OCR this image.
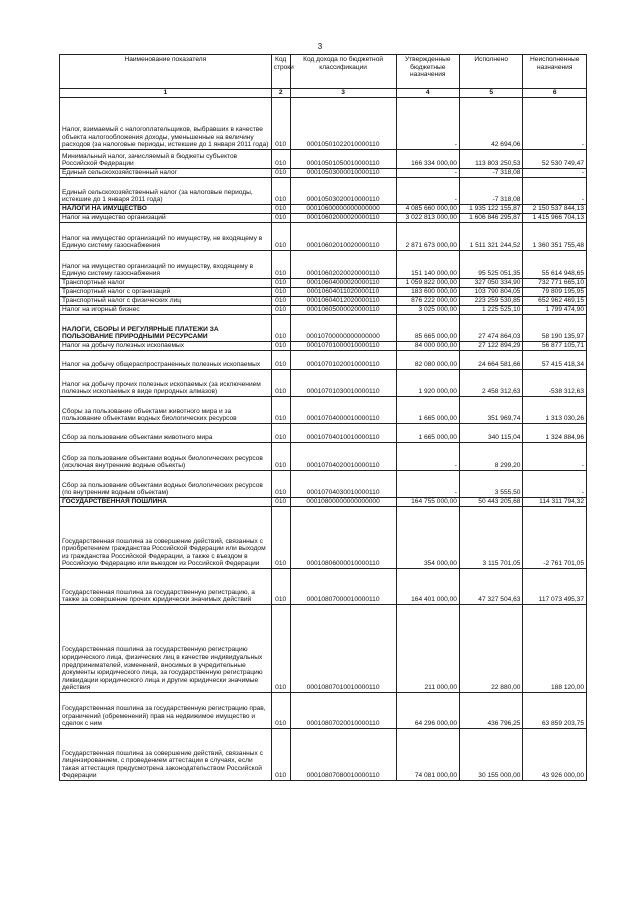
3
Наименование показателя	Код строки	Код дохода по бюджетной классификации	Утвержденные бюджетные назначения	Исполнено	Неисполненные назначения
1	2	3	4	5	6
Налог, взимаемый с налогоплательщиков, выбравших в качестве объекта налогообложения доходы, уменьшенные на величину расходов (за налоговые периоды, истекшие до 1 января 2011 года)	010	00010501022010000110	-	42 694,06	-
Минимальный налог, зачисляемый в бюджеты субъектов Российской Федерации	010	00010501050010000110	166 334 000,00	113 803 250,53	52 530 749,47
Единый сельскохозяйственный налог	010	00010503000010000110	-	-7 318,08	-
Единый сельскохозяйственный налог (за налоговые периоды, истекшие до 1 января 2011 года)	010	00010503020010000110	-	-7 318,08	-
НАЛОГИ НА ИМУЩЕСТВО	010	00010600000000000000	4 085 660 000,00	1 935 122 155,87	2 150 537 844,13
Налог на имущество организаций	010	00010602000020000110	3 022 813 000,00	1 606 846 295,87	1 415 966 704,13
Налог на имущество организаций по имуществу, не входящему в Единую систему газоснабжения	010	00010602010020000110	2 871 673 000,00	1 511 321 244,52	1 360 351 755,48
Налог на имущество организаций по имуществу, входящему в Единую систему газоснабжения	010	00010602020020000110	151 140 000,00	95 525 051,35	55 614 948,65
Транспортный налог	010	00010604000020000110	1 059 822 000,00	327 050 334,90	732 771 665,10
Транспортный налог с организаций	010	00010604011020000110	183 600 000,00	103 790 804,05	79 809 195,95
Транспортный налог с физических лиц	010	00010604012020000110	876 222 000,00	223 259 530,85	652 962 469,15
Налог на игорный бизнес	010	00010605000020000110	3 025 000,00	1 225 525,10	1 799 474,90
НАЛОГИ, СБОРЫ И РЕГУЛЯРНЫЕ ПЛАТЕЖИ ЗА ПОЛЬЗОВАНИЕ ПРИРОДНЫМИ РЕСУРСАМИ	010	00010700000000000000	85 665 000,00	27 474 864,03	58 190 135,97
Налог на добычу полезных ископаемых	010	00010701000010000110	84 000 000,00	27 122 894,29	56 877 105,71
Налог на добычу общераспространенных полезных ископаемых	010	00010701020010000110	82 080 000,00	24 664 581,66	57 415 418,34
Налог на добычу прочих полезных ископаемых (за исключением полезных ископаемых в виде природных алмазов)	010	00010701030010000110	1 920 000,00	2 458 312,63	-538 312,63
Сборы за пользование объектами животного мира и за пользование объектами водных биологических ресурсов	010	00010704000010000110	1 665 000,00	351 969,74	1 313 030,26
Сбор за пользование объектами животного мира	010	00010704010010000110	1 665 000,00	340 115,04	1 324 884,96
Сбор за пользование объектами водных биологических ресурсов (исключая внутренние водные объекты)	010	00010704020010000110	-	8 299,20	-
Сбор за пользование объектами водных биологических ресурсов (по внутренним водным объектам)	010	00010704030010000110	-	3 555,50	-
ГОСУДАРСТВЕННАЯ ПОШЛИНА	010	00010800000000000000	164 755 000,00	50 443 205,68	114 311 794,32
Государственная пошлина за совершение действий, связанных с приобретением гражданства Российской Федерации или выходом из гражданства Российской Федерации, а также с въездом в Российскую Федерацию или выездом из Российской Федерации	010	00010806000010000110	354 000,00	3 115 701,05	-2 761 701,05
Государственная пошлина за государственную регистрацию, а также за совершение прочих юридически значимых действий	010	00010807000010000110	164 401 000,00	47 327 504,63	117 073 495,37
Государственная пошлина за государственную регистрацию юридического лица, физических лиц в качестве индивидуальных предпринимателей, изменений, вносимых в учредительные документы юридического лица, за государственную регистрацию ликвидации юридического лица и другие юридически значимые действия	010	00010807010010000110	211 000,00	22 880,00	188 120,00
Государственная пошлина за государственную регистрацию прав, ограничений (обременений) прав на недвижимое имущество и сделок с ним	010	00010807020010000110	64 296 000,00	436 796,25	63 859 203,75
Государственная пошлина за совершение действий, связанных с лицензированием, с проведением аттестации в случаях, если такая аттестация предусмотрена законодательством Российской Федерации	010	00010807080010000110	74 081 000,00	30 155 000,00	43 926 000,00
